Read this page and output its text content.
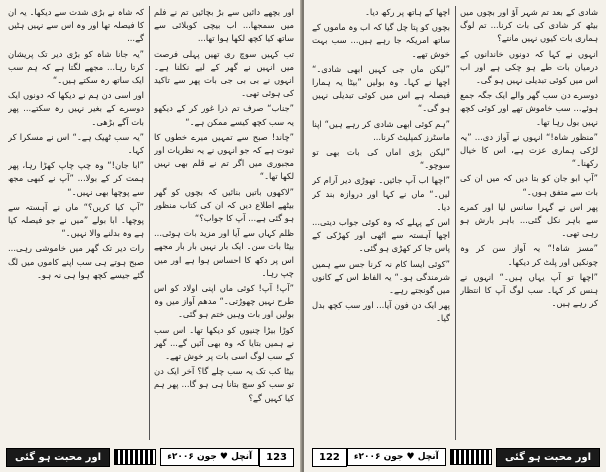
کہ شاہ نے بڑی شدت سے دیکھا۔ یہ ان کا فیصلہ تھا اور وہ اس سے نہیں ہٹیں گے...

”یہ جانا شاہ کو بڑی دیر تک پریشان کرتا رہا... مجھے لگتا ہے کہ ہم سب ایک ساتھ رہ سکتے ہیں۔“

اور اسی دن ہم نے دیکھا کہ دونوں ایک دوسرے کے بغیر نہیں رہ سکتے... پھر بات آگے بڑھی۔

”یہ سب ٹھیک ہے۔“ اس نے مسکرا کر کہا۔

”ابا جان!“ وہ چپ چاپ کھڑا رہا، پھر ہمت کر کے بولا... ”آپ نے کبھی مجھ سے پوچھا بھی نہیں۔“

”آپ کیا کریں؟“ ماں نے آہستہ سے پوچھا۔ ابا بولے ”میں نے جو فیصلہ کیا ہے وہ بدلنے والا نہیں۔“

رات دیر تک گھر میں خاموشی رہی... صبح ہوتے ہی سب اپنے کاموں میں لگ گئے جیسے کچھ ہوا ہی نہ ہو۔

اور بچھے دائیں سے بڑ بچائیں تم نے فلم میں سمجھا... اب بیچی کوبلائی سے ساتھ کیا کچھ لکھا ہوا تھا...

تب کہیں سوچ ری تھیں پہلی فرصت میں انہیں نے گھر کے لیے نکلنا ہے۔ انہوں نے بی بی جی بات پھر سے تاکید کی ہوئی تھی۔

”جناب“ صرف تم ذرا غور کر کے دیکھو یہ سب کچھ کیسے ممکن ہے۔“

”چاند! صبح سے تمہیں میرے خطوں کا ثبوت ہے کہ جو انہوں نے یہ نظریات اور مجبوری میں اگر تم نے قلم بھی نہیں لکھا تھا۔“

”لاکھوں باتیں بنائیں کہ بچوں کو گھر بیٹھے اطلاع دیں کہ ان کی کتاب منظور ہو گئی ہے... آپ کا جواب؟“

ظلم کہاں سے آیا اور مزید بات ہوئی... بیٹا بات سن۔ ایک بار نہیں بار بار مجھے اس پر دکھ کا احساس ہوا ہے اور میں چپ رہا۔

”آپ! آپ! کوئی ماں اپنی اولاد کو اس طرح نہیں چھوڑتی۔“ مدھم آواز میں وہ بولیں اور بات وہیں ختم ہو گئی۔

کوڑا بیڑا چنیوں کو دیکھا تھا۔ اس سب نے ہمیں بتایا کہ وہ بھی آئیں گے... گھر کے سب لوگ اسی بات پر خوش تھے۔

بیٹا کب تک یہ سب چلے گا؟ آخر ایک دن تو سب کو سچ بتانا ہی ہو گا... پھر ہم کیا کہیں گے؟

اور محبت ہو گئی	آنچل ♥ جون ۲۰۰۶ء	123

اچھا کے ہاتھ پر رکھ دیا۔

بچوں کو پتا چل گیا کہ اب وہ ماموں کے ساتھ امریکہ جا رہے ہیں... سب بہت خوش تھے۔

”لیکن ماں جی کہیں ابھی شادی۔“ اچھا نے کہا۔ وہ بولیں ”بیٹا یہ ہمارا فیصلہ ہے اس میں کوئی تبدیلی نہیں ہو گی۔“

”ہم کوئی ابھی شادی کر رہے ہیں“ اپنا ماسٹرز کمپلیٹ کرنا...

”لیکن بڑی اماں کی بات بھی تو سوچو۔“

”اچھا اب آپ جائیں۔ تھوڑی دیر آرام کر لیں۔“ ماں نے کہا اور دروازہ بند کر دیا۔

اس کے پہلے کہ وہ کوئی جواب دیتی... اچھا آہستہ سے اٹھی اور کھڑکی کے پاس جا کر کھڑی ہو گئی۔

”کوئی ایسا کام نہ کرنا جس سے ہمیں شرمندگی ہو۔“ یہ الفاظ اس کے کانوں میں گونجتے رہے۔

پھر ایک دن فون آیا... اور سب کچھ بدل گیا۔

شادی کے بعد تم شہر آؤ اور بچوں میں بیٹھ کر شادی کی بات کرنا... تم لوگ ہماری بات کیوں نہیں مانتے؟

انہوں نے کہا کہ دونوں خاندانوں کے درمیان بات طے ہو چکی ہے اور اب اس میں کوئی تبدیلی نہیں ہو گی۔

دوسرے دن سب گھر والے ایک جگہ جمع ہوئے... سب خاموش تھے اور کوئی کچھ نہیں بول رہا تھا۔

”منظور شاہ!“ انہوں نے آواز دی... ”یہ لڑکی ہماری عزت ہے، اس کا خیال رکھنا۔“

”آپ ابو جان کو بتا دیں کہ میں ان کی بات سے متفق ہوں۔“

پھر اس نے گہرا سانس لیا اور کمرے سے باہر نکل گئی... باہر بارش ہو رہی تھی۔

”مسز شاہ!“ یہ آواز سن کر وہ چونکیں اور پلٹ کر دیکھا۔

”اچھا تو آپ یہاں ہیں۔“ انہوں نے ہنس کر کہا۔ سب لوگ آپ کا انتظار کر رہے ہیں۔

122	آنچل ♥ جون ۲۰۰۶ء	اور محبت ہو گئی
